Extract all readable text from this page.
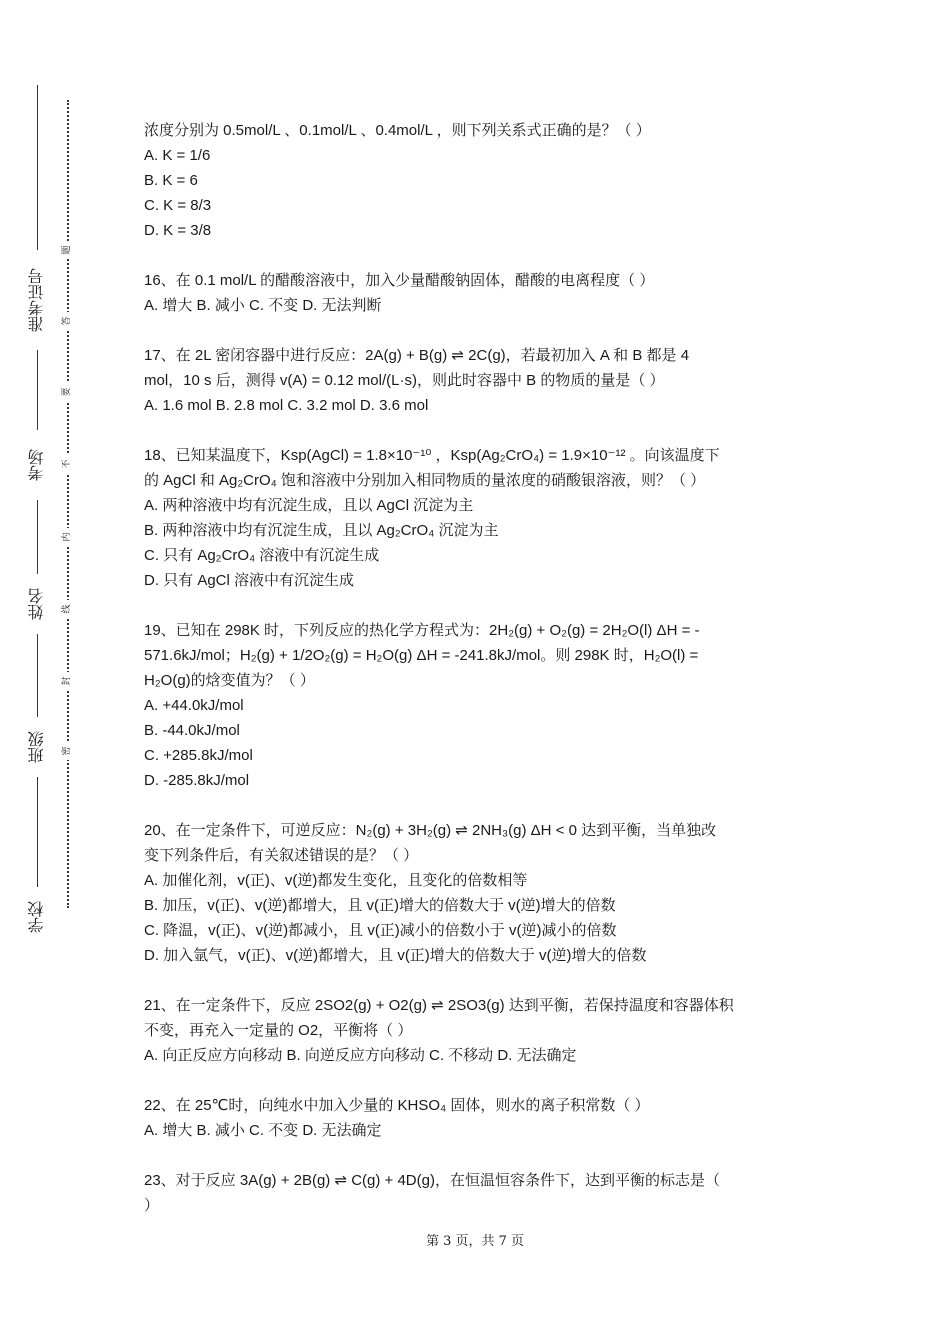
准考证号
考场
姓名
班级
学校
题
答
要
不
内
线
封
密

浓度分别为 0.5mol/L 、0.1mol/L 、0.4mol/L ，则下列关系式正确的是？（ ）

A. K = 1/6

B. K = 6

C. K = 8/3

D. K = 3/8

16、在 0.1 mol/L 的醋酸溶液中，加入少量醋酸钠固体，醋酸的电离程度（ ）

A. 增大 B. 减小 C. 不变 D. 无法判断

17、在 2L 密闭容器中进行反应：2A(g) + B(g) ⇌ 2C(g)，若最初加入 A 和 B 都是 4

mol，10 s 后，测得 v(A) = 0.12 mol/(L·s)，则此时容器中 B 的物质的量是（ ）

A. 1.6 mol B. 2.8 mol C. 3.2 mol D. 3.6 mol

18、已知某温度下，Ksp(AgCl) = 1.8×10⁻¹⁰ ，Ksp(Ag₂CrO₄) = 1.9×10⁻¹² 。向该温度下

的 AgCl 和 Ag₂CrO₄ 饱和溶液中分别加入相同物质的量浓度的硝酸银溶液，则？（ ）

A. 两种溶液中均有沉淀生成，且以 AgCl 沉淀为主

B. 两种溶液中均有沉淀生成，且以 Ag₂CrO₄ 沉淀为主

C. 只有 Ag₂CrO₄ 溶液中有沉淀生成

D. 只有 AgCl 溶液中有沉淀生成

19、已知在 298K 时，下列反应的热化学方程式为：2H₂(g) + O₂(g) = 2H₂O(l) ΔH = -

571.6kJ/mol；H₂(g) + 1/2O₂(g) = H₂O(g) ΔH = -241.8kJ/mol。则 298K 时，H₂O(l) =

H₂O(g)的焓变值为？（ ）

A. +44.0kJ/mol

B. -44.0kJ/mol

C. +285.8kJ/mol

D. -285.8kJ/mol

20、在一定条件下，可逆反应：N₂(g) + 3H₂(g) ⇌ 2NH₃(g) ΔH < 0 达到平衡，当单独改

变下列条件后，有关叙述错误的是？（ ）

A. 加催化剂，v(正)、v(逆)都发生变化，且变化的倍数相等

B. 加压，v(正)、v(逆)都增大，且 v(正)增大的倍数大于 v(逆)增大的倍数

C. 降温，v(正)、v(逆)都减小，且 v(正)减小的倍数小于 v(逆)减小的倍数

D. 加入氩气，v(正)、v(逆)都增大，且 v(正)增大的倍数大于 v(逆)增大的倍数

21、在一定条件下，反应 2SO2(g) + O2(g) ⇌ 2SO3(g) 达到平衡，若保持温度和容器体积

不变，再充入一定量的 O2，平衡将（ ）

A. 向正反应方向移动 B. 向逆反应方向移动 C. 不移动 D. 无法确定

22、在 25℃时，向纯水中加入少量的 KHSO₄ 固体，则水的离子积常数（ ）

A. 增大 B. 减小 C. 不变 D. 无法确定

23、对于反应 3A(g) + 2B(g) ⇌ C(g) + 4D(g)，在恒温恒容条件下，达到平衡的标志是（

）

第 3 页，共 7 页
